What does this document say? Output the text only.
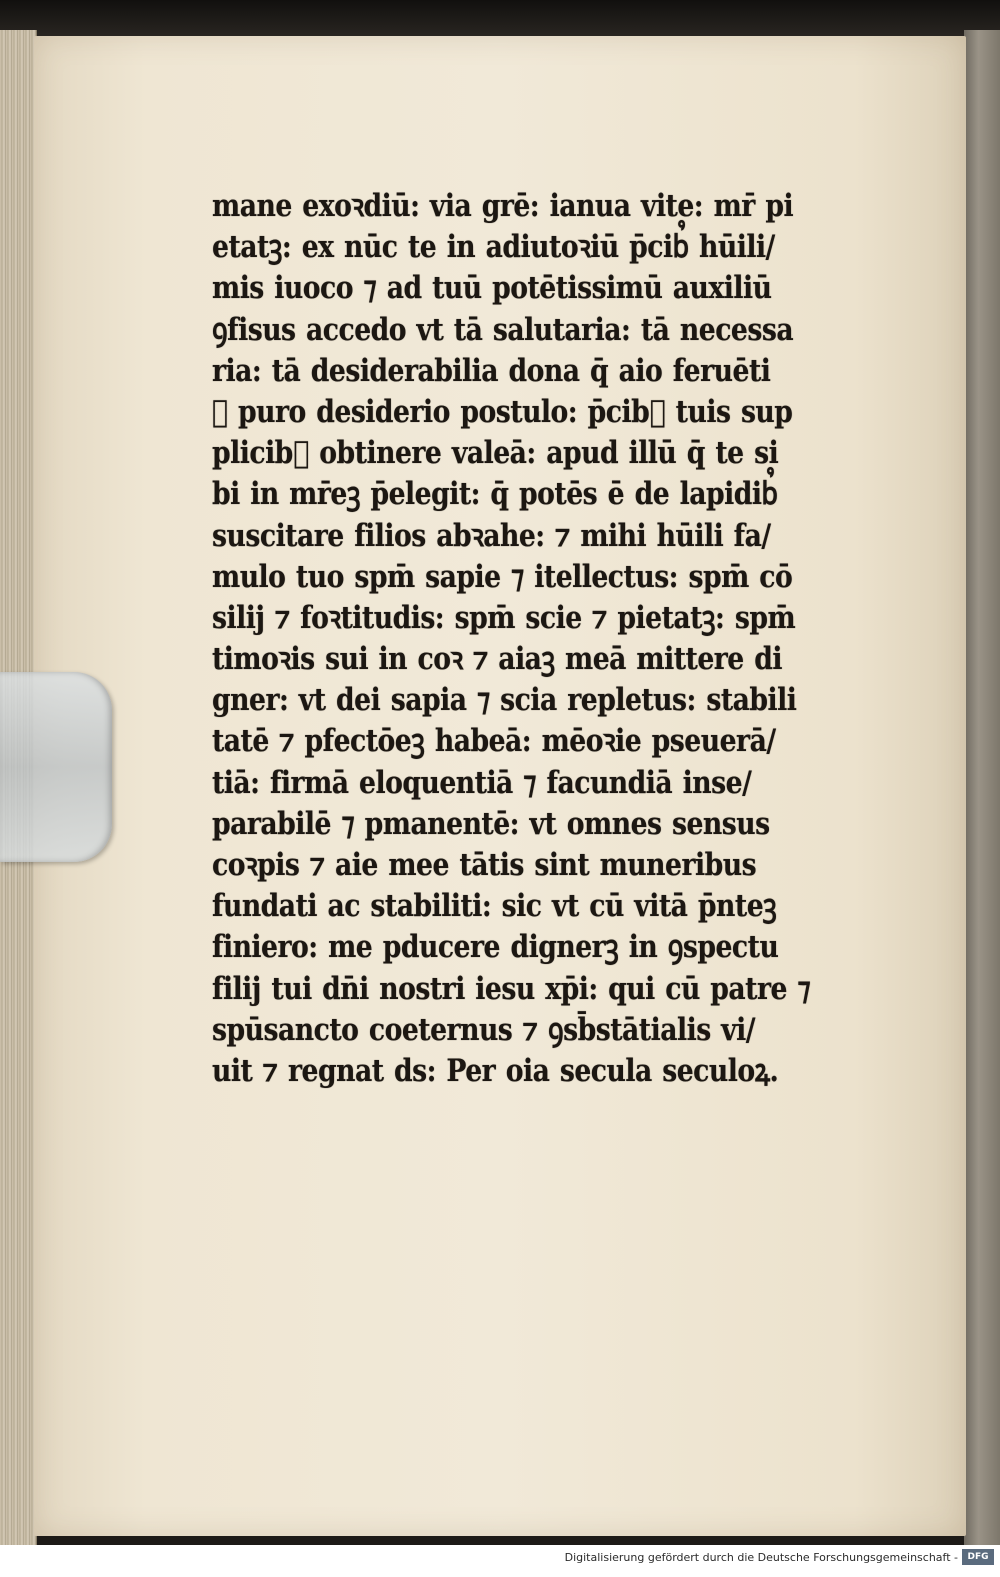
mane exoꝛdiū: via grē: ianua vite: mr̄ pi
etatꝫ: ex nūc te in adiutoꝛiū p̄cib᷒ hūili/
mis iuoco ⁊ ad tuū potētissimū auxiliū
ꝯfisus accedo vt tā salutaria: tā necessa
ria: tā desiderabilia dona q̄ aio feruēti
⁊ puro desiderio postulo: p̄cib᷒ tuis sup
plicib᷒ obtinere valeā: apud illū q̄ te si
bi in mr̄eꝫ p̄elegit: q̄ potēs ē de lapidib᷒
suscitare filios abꝛahe: ⁊ mihi hūili fa/
mulo tuo spm̄ sapie ⁊ itellectus: spm̄ cō
silij ⁊ foꝛtitudis: spm̄ scie ⁊ pietatꝫ: spm̄
timoꝛis sui in coꝛ ⁊ aiaꝫ meā mittere di
gner: vt dei sapia ⁊ scia repletus: stabili
tatē ⁊ pfectōeꝫ habeā: mēoꝛie pseuerā/
tiā: firmā eloquentiā ⁊ facundiā inse/
parabilē ⁊ pmanentē: vt omnes sensus
coꝛpis ⁊ aie mee tātis sint muneribus
fundati ac stabiliti: sic vt cū vitā p̄nteꝫ
finiero: me pducere dignerꝫ in ꝯspectu
filij tui dn̄i nostri iesu xp̄i: qui cū patre ⁊
spūsancto coeternus ⁊ ꝯsb̄stātialis vi/
uit ⁊ regnat ds: Per oia secula seculoꝝ.
Digitalisierung gefördert durch die Deutsche Forschungsgemeinschaft -	DFG
